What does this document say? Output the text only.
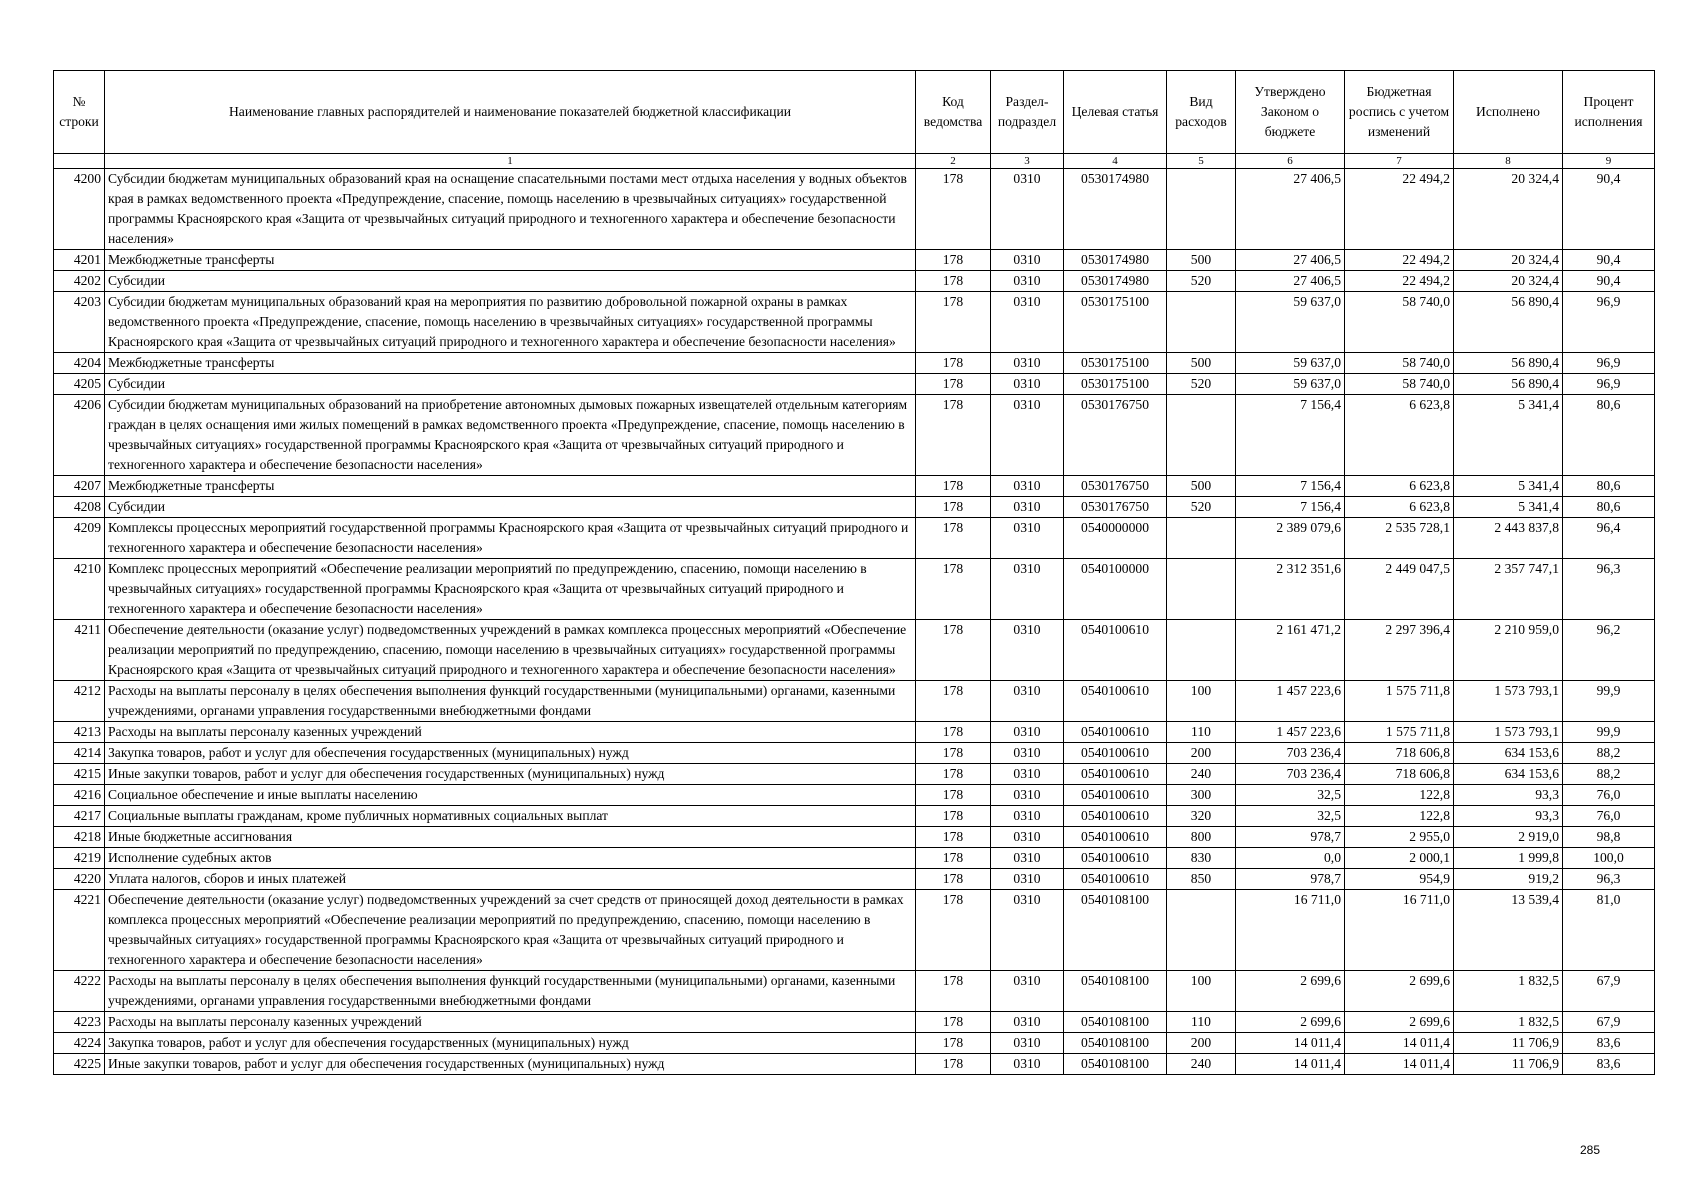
№ строки	Наименование главных распорядителей и наименование показателей бюджетной классификации	Код ведомства	Раздел-подраздел	Целевая статья	Вид расходов	Утверждено Законом о бюджете	Бюджетная роспись с учетом изменений	Исполнено	Процент исполнения
	1	2	3	4	5	6	7	8	9
4200	Субсидии бюджетам муниципальных образований края на оснащение спасательными постами мест отдыха населения у водных объектов края в рамках ведомственного проекта «Предупреждение, спасение, помощь населению в чрезвычайных ситуациях» государственной программы Красноярского края «Защита от чрезвычайных ситуаций природного и техногенного характера и обеспечение безопасности населения»	178	0310	0530174980		27 406,5	22 494,2	20 324,4	90,4
4201	Межбюджетные трансферты	178	0310	0530174980	500	27 406,5	22 494,2	20 324,4	90,4
4202	Субсидии	178	0310	0530174980	520	27 406,5	22 494,2	20 324,4	90,4
4203	Субсидии бюджетам муниципальных образований края на мероприятия по развитию добровольной пожарной охраны в рамках ведомственного проекта «Предупреждение, спасение, помощь населению в чрезвычайных ситуациях» государственной программы Красноярского края «Защита от чрезвычайных ситуаций природного и техногенного характера и обеспечение безопасности населения»	178	0310	0530175100		59 637,0	58 740,0	56 890,4	96,9
4204	Межбюджетные трансферты	178	0310	0530175100	500	59 637,0	58 740,0	56 890,4	96,9
4205	Субсидии	178	0310	0530175100	520	59 637,0	58 740,0	56 890,4	96,9
4206	Субсидии бюджетам муниципальных образований на приобретение автономных дымовых пожарных извещателей отдельным категориям граждан в целях оснащения ими жилых помещений в рамках ведомственного проекта «Предупреждение, спасение, помощь населению в чрезвычайных ситуациях» государственной программы Красноярского края «Защита от чрезвычайных ситуаций природного и техногенного характера и обеспечение безопасности населения»	178	0310	0530176750		7 156,4	6 623,8	5 341,4	80,6
4207	Межбюджетные трансферты	178	0310	0530176750	500	7 156,4	6 623,8	5 341,4	80,6
4208	Субсидии	178	0310	0530176750	520	7 156,4	6 623,8	5 341,4	80,6
4209	Комплексы процессных мероприятий государственной программы Красноярского края «Защита от чрезвычайных ситуаций природного и техногенного характера и обеспечение безопасности населения»	178	0310	0540000000		2 389 079,6	2 535 728,1	2 443 837,8	96,4
4210	Комплекс процессных мероприятий «Обеспечение реализации мероприятий по предупреждению, спасению, помощи населению в чрезвычайных ситуациях» государственной программы Красноярского края «Защита от чрезвычайных ситуаций природного и техногенного характера и обеспечение безопасности населения»	178	0310	0540100000		2 312 351,6	2 449 047,5	2 357 747,1	96,3
4211	Обеспечение деятельности (оказание услуг) подведомственных учреждений в рамках комплекса процессных мероприятий «Обеспечение реализации мероприятий по предупреждению, спасению, помощи населению в чрезвычайных ситуациях» государственной программы Красноярского края «Защита от чрезвычайных ситуаций природного и техногенного характера и обеспечение безопасности населения»	178	0310	0540100610		2 161 471,2	2 297 396,4	2 210 959,0	96,2
4212	Расходы на выплаты персоналу в целях обеспечения выполнения функций государственными (муниципальными) органами, казенными учреждениями, органами управления государственными внебюджетными фондами	178	0310	0540100610	100	1 457 223,6	1 575 711,8	1 573 793,1	99,9
4213	Расходы на выплаты персоналу казенных учреждений	178	0310	0540100610	110	1 457 223,6	1 575 711,8	1 573 793,1	99,9
4214	Закупка товаров, работ и услуг для обеспечения государственных (муниципальных) нужд	178	0310	0540100610	200	703 236,4	718 606,8	634 153,6	88,2
4215	Иные закупки товаров, работ и услуг для обеспечения государственных (муниципальных) нужд	178	0310	0540100610	240	703 236,4	718 606,8	634 153,6	88,2
4216	Социальное обеспечение и иные выплаты населению	178	0310	0540100610	300	32,5	122,8	93,3	76,0
4217	Социальные выплаты гражданам, кроме публичных нормативных социальных выплат	178	0310	0540100610	320	32,5	122,8	93,3	76,0
4218	Иные бюджетные ассигнования	178	0310	0540100610	800	978,7	2 955,0	2 919,0	98,8
4219	Исполнение судебных актов	178	0310	0540100610	830	0,0	2 000,1	1 999,8	100,0
4220	Уплата налогов, сборов и иных платежей	178	0310	0540100610	850	978,7	954,9	919,2	96,3
4221	Обеспечение деятельности (оказание услуг) подведомственных учреждений за счет средств от приносящей доход деятельности в рамках комплекса процессных мероприятий «Обеспечение реализации мероприятий по предупреждению, спасению, помощи населению в чрезвычайных ситуациях» государственной программы Красноярского края «Защита от чрезвычайных ситуаций природного и техногенного характера и обеспечение безопасности населения»	178	0310	0540108100		16 711,0	16 711,0	13 539,4	81,0
4222	Расходы на выплаты персоналу в целях обеспечения выполнения функций государственными (муниципальными) органами, казенными учреждениями, органами управления государственными внебюджетными фондами	178	0310	0540108100	100	2 699,6	2 699,6	1 832,5	67,9
4223	Расходы на выплаты персоналу казенных учреждений	178	0310	0540108100	110	2 699,6	2 699,6	1 832,5	67,9
4224	Закупка товаров, работ и услуг для обеспечения государственных (муниципальных) нужд	178	0310	0540108100	200	14 011,4	14 011,4	11 706,9	83,6
4225	Иные закупки товаров, работ и услуг для обеспечения государственных (муниципальных) нужд	178	0310	0540108100	240	14 011,4	14 011,4	11 706,9	83,6
285
